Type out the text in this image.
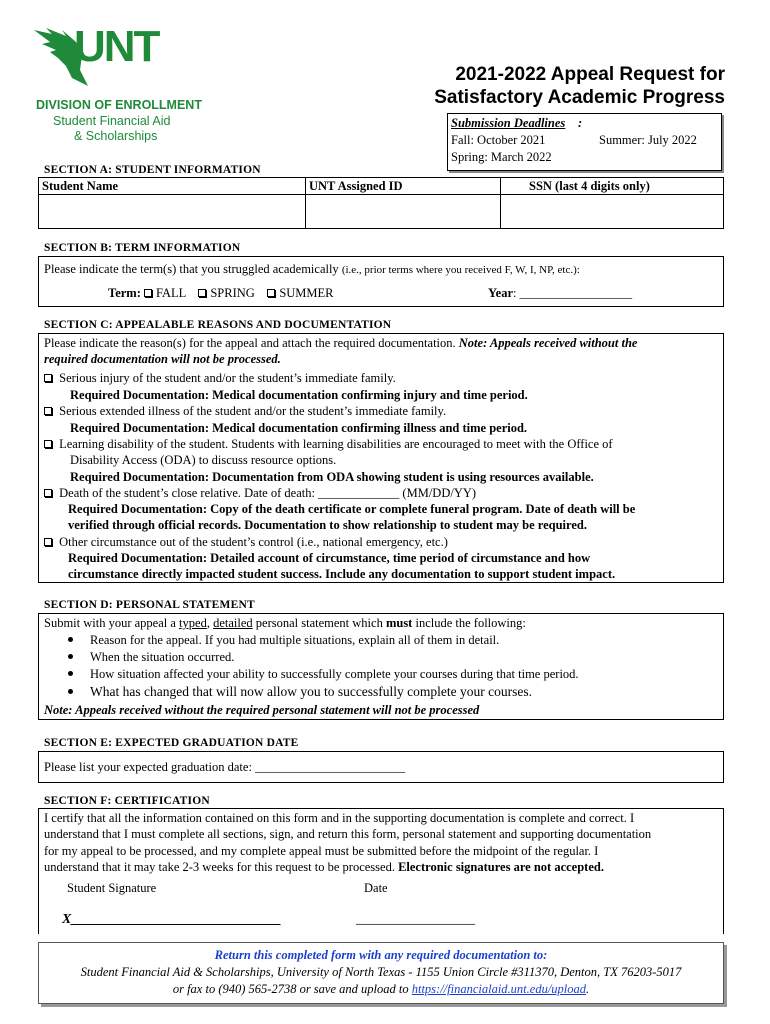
UNT
DIVISION OF ENROLLMENT
Student Financial Aid
& Scholarships
2021-2022 Appeal Request for
Satisfactory Academic Progress
Submission Deadlines :
Fall: October 2021	Summer: July 2022
Spring: March 2022
SECTION A: STUDENT INFORMATION
Student Name	UNT Assigned ID	SSN (last 4 digits only)
SECTION B: TERM INFORMATION
Please indicate the term(s) that you struggled academically (i.e., prior terms where you received F, W, I, NP, etc.):
Term: FALL SPRING SUMMER	Year: __________________
SECTION C: APPEALABLE REASONS AND DOCUMENTATION
Please indicate the reason(s) for the appeal and attach the required documentation. Note: Appeals received without the
required documentation will not be processed.
Serious injury of the student and/or the student’s immediate family.
Required Documentation: Medical documentation confirming injury and time period.
Serious extended illness of the student and/or the student’s immediate family.
Required Documentation: Medical documentation confirming illness and time period.
Learning disability of the student. Students with learning disabilities are encouraged to meet with the Office of
Disability Access (ODA) to discuss resource options.
Required Documentation: Documentation from ODA showing student is using resources available.
Death of the student’s close relative. Date of death: _____________ (MM/DD/YY)
Required Documentation: Copy of the death certificate or complete funeral program. Date of death will be
verified through official records. Documentation to show relationship to student may be required.
Other circumstance out of the student’s control (i.e., national emergency, etc.)
Required Documentation: Detailed account of circumstance, time period of circumstance and how
circumstance directly impacted student success. Include any documentation to support student impact.
SECTION D: PERSONAL STATEMENT
Submit with your appeal a typed, detailed personal statement which must include the following:
Reason for the appeal. If you had multiple situations, explain all of them in detail.
When the situation occurred.
How situation affected your ability to successfully complete your courses during that time period.
What has changed that will now allow you to successfully complete your courses.
Note: Appeals received without the required personal statement will not be processed
SECTION E: EXPECTED GRADUATION DATE
Please list your expected graduation date: ________________________
SECTION F: CERTIFICATION
I certify that all the information contained on this form and in the supporting documentation is complete and correct. I
understand that I must complete all sections, sign, and return this form, personal statement and supporting documentation
for my appeal to be processed, and my complete appeal must be submitted before the midpoint of the regular. I
understand that it may take 2-3 weeks for this request to be processed. Electronic signatures are not accepted.
Student Signature	Date
X______________________________	_________________
Return this completed form with any required documentation to:
Student Financial Aid & Scholarships, University of North Texas - 1155 Union Circle #311370, Denton, TX 76203-5017
or fax to (940) 565-2738 or save and upload to https://financialaid.unt.edu/upload.
